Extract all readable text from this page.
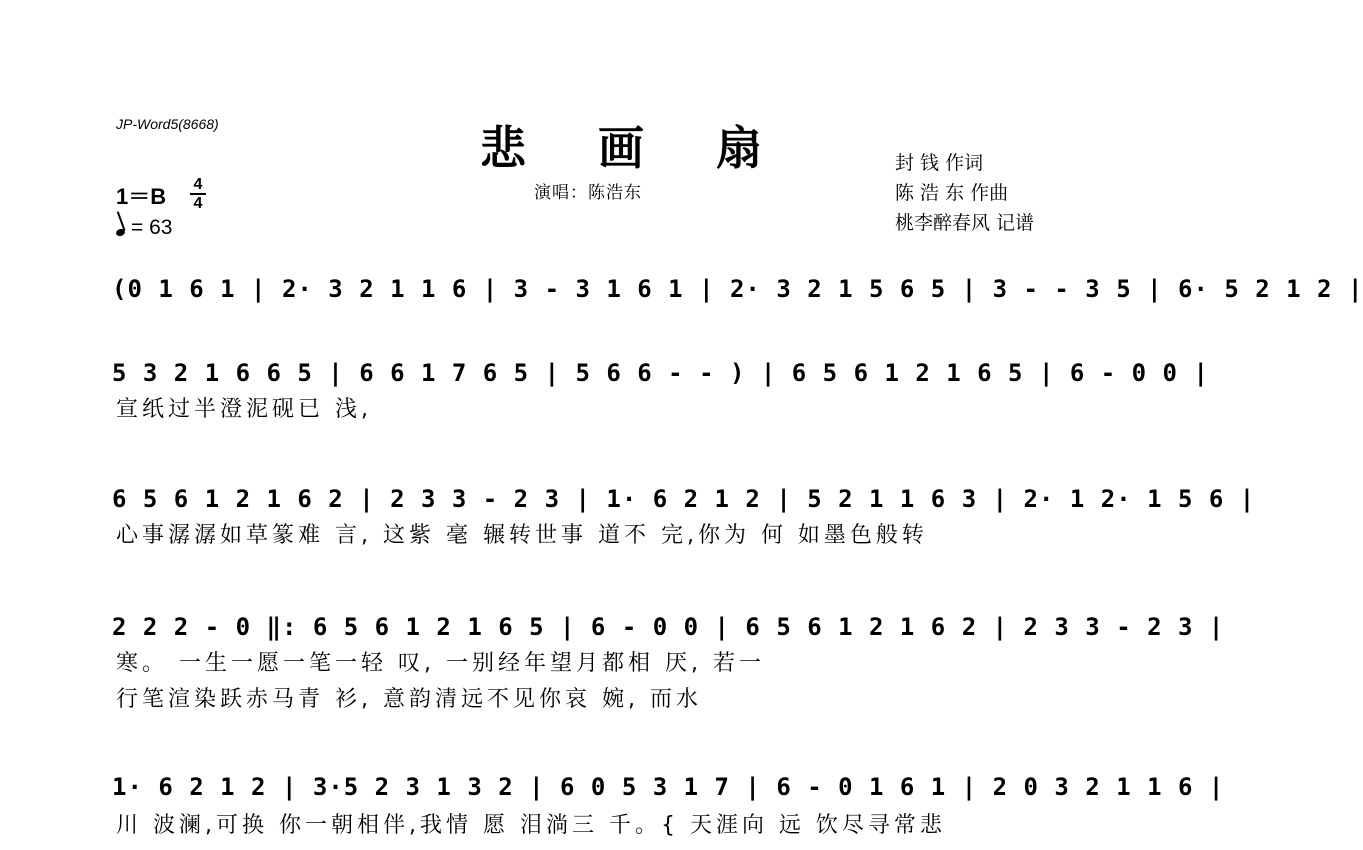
JP-Word5(8668)	悲 画 扇
演唱：陈浩东
封 钱 作词
陈 浩 东 作曲
桃李醉春风 记谱
1＝B 4
4
= 63
(0 1 6 1 | 2· 3 2 1 1 6 | 3 - 3 1 6 1 | 2· 3 2 1 5 6 5 | 3 - - 3 5 | 6· 5 2 1 2 |
5 3 2 1 6 6 5 | 6 6 1 7 6 5 | 5 6 6 - - ) | 6 5 6 1 2 1 6 5 | 6 - 0 0 |
宣纸过半澄泥砚已 浅,
6 5 6 1 2 1 6 2 | 2 3 3 - 2 3 | 1· 6 2 1 2 | 5 2 1 1 6 3 | 2· 1 2· 1 5 6 |
心事潺潺如草篆难 言, 这紫 毫 辗转世事 道不 完,你为 何 如墨色般转
2 2 2 - 0 ‖: 6 5 6 1 2 1 6 5 | 6 - 0 0 | 6 5 6 1 2 1 6 2 | 2 3 3 - 2 3 |
寒。 一生一愿一笔一轻 叹, 一别经年望月都相 厌, 若一
行笔渲染跃赤马青 衫, 意韵清远不见你哀 婉, 而水
1· 6 2 1 2 | 3·5 2 3 1 3 2 | 6 0 5 3 1 7 | 6 - 0 1 6 1 | 2 0 3 2 1 1 6 |
川 波澜,可换 你一朝相伴,我情 愿 泪淌三 千。{ 天涯向 远 饮尽寻常悲
